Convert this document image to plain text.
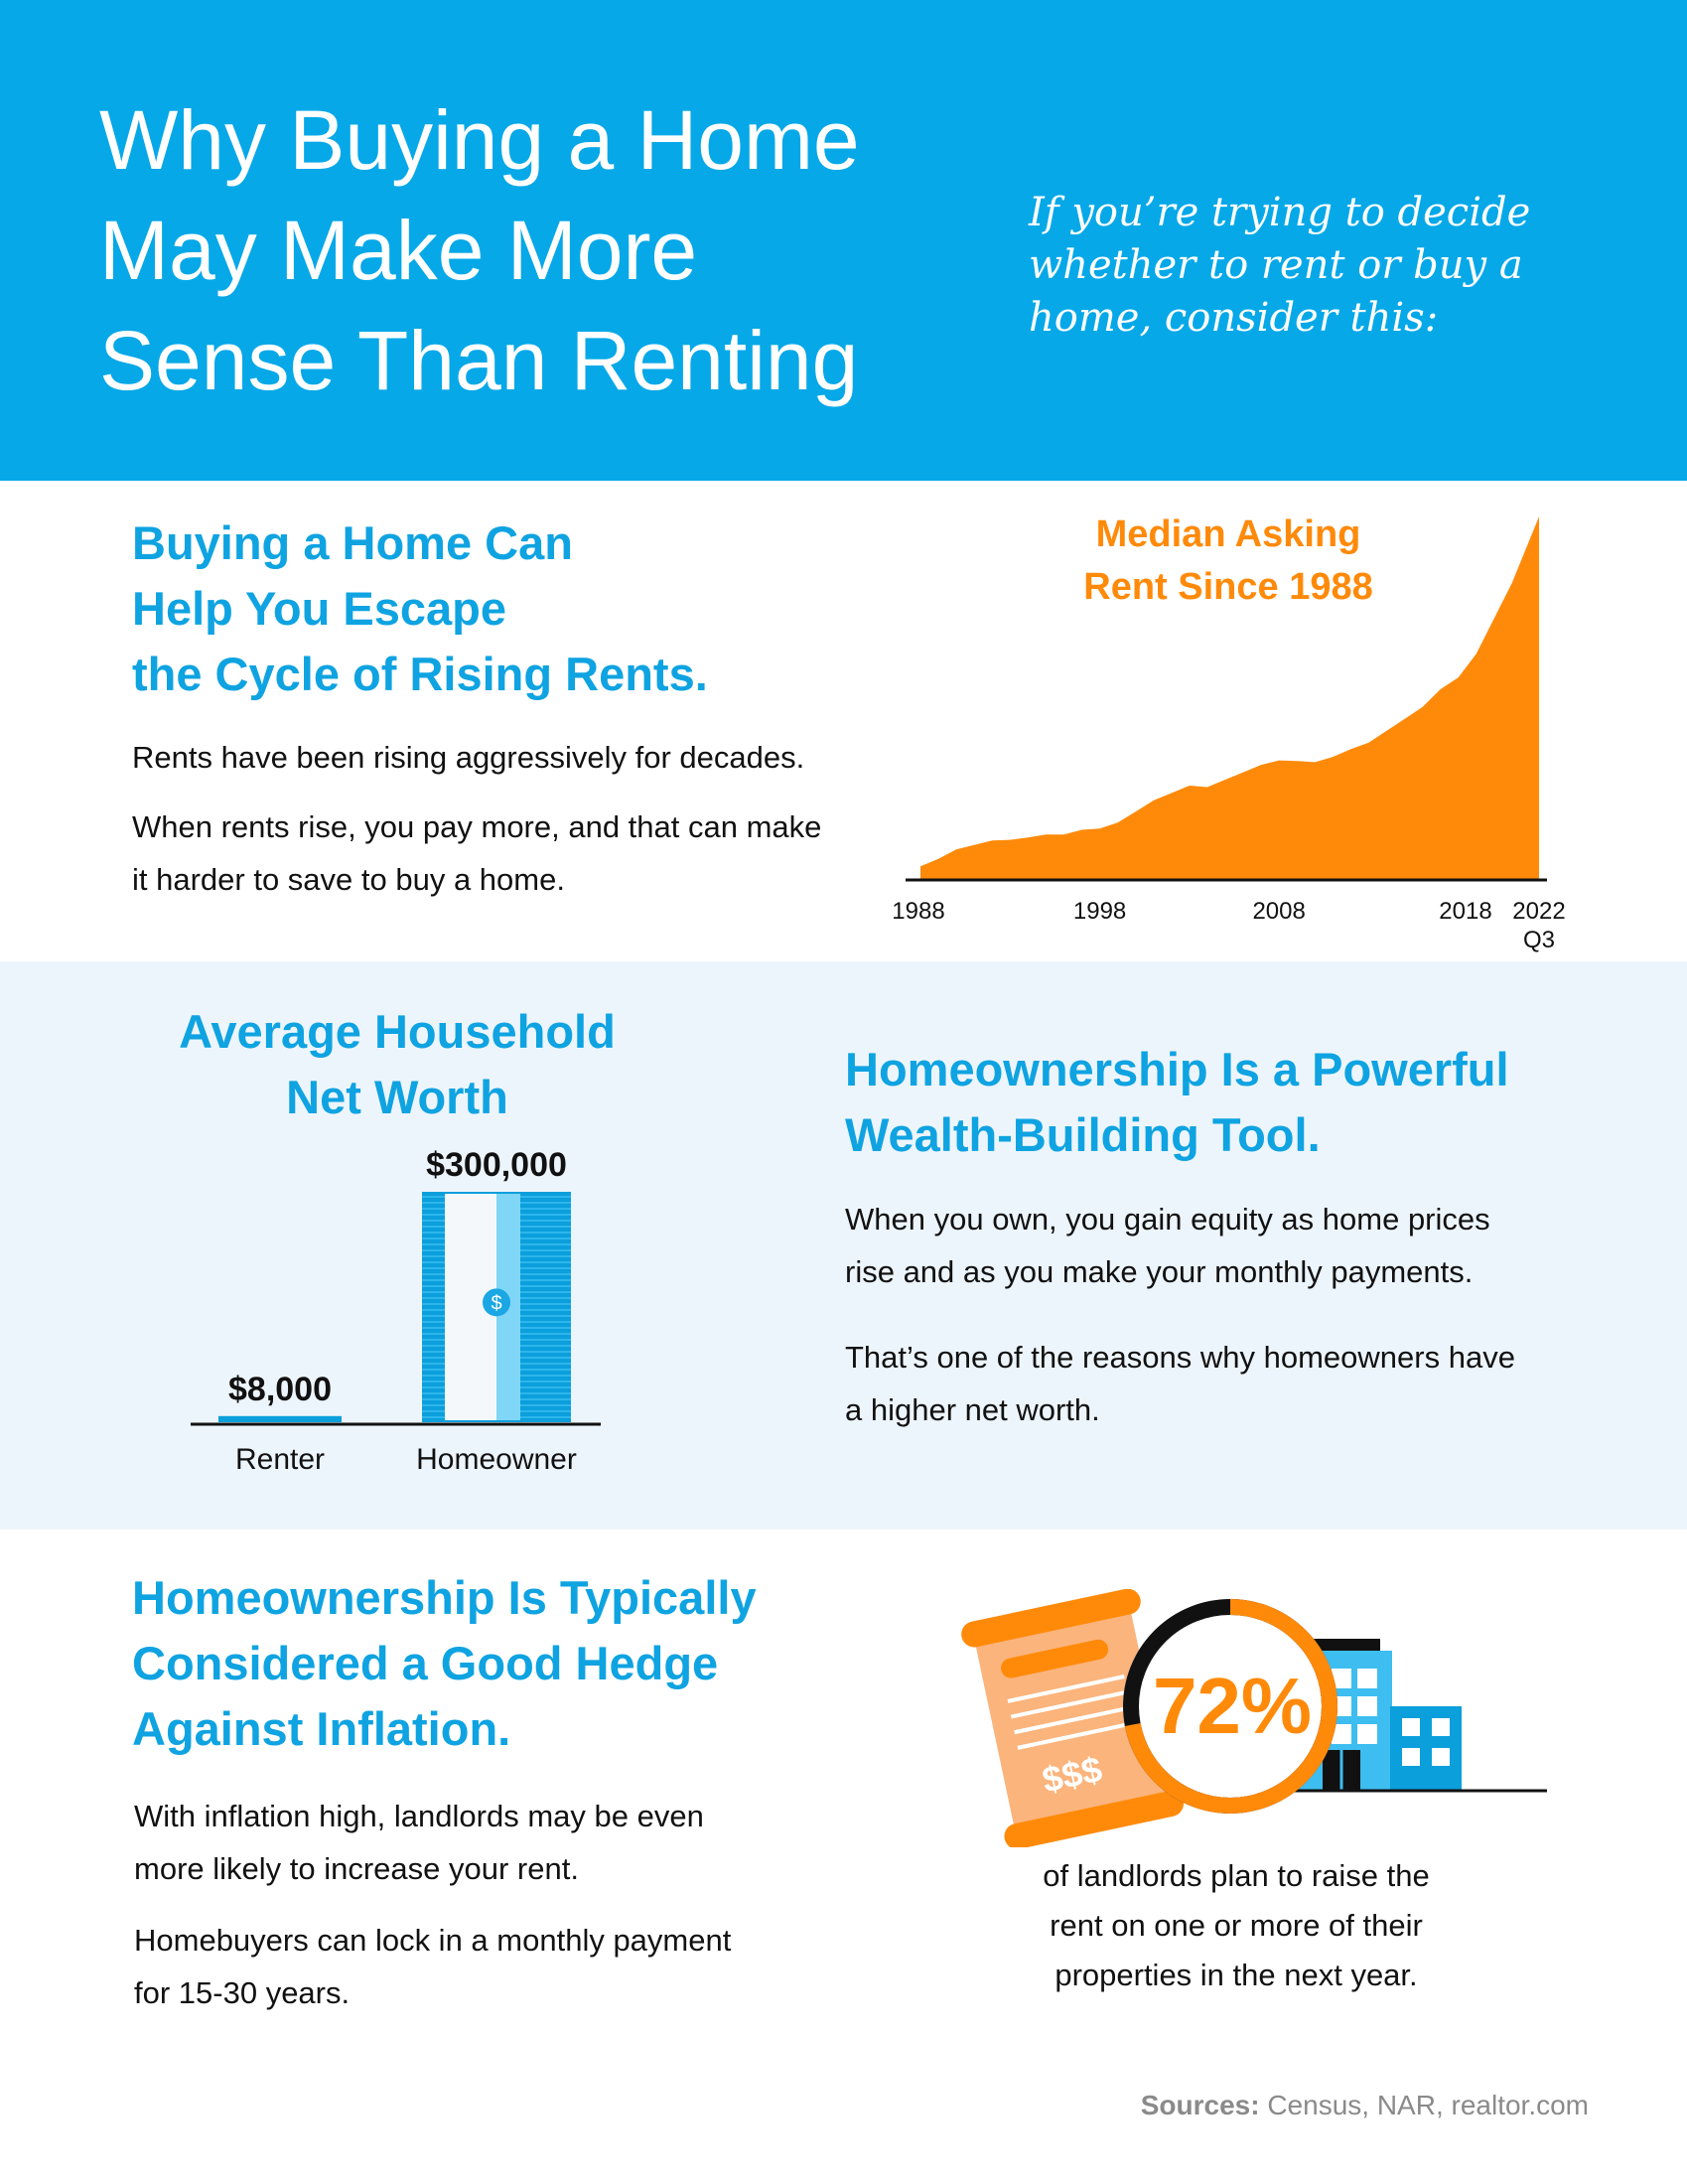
Why Buying a Home
May Make More
Sense Than Renting

If you’re trying to decide
whether to rent or buy a
home, consider this:

Buying a Home Can
Help You Escape
the Cycle of Rising Rents.

Rents have been rising aggressively for decades.

When rents rise, you pay more, and that can make
it harder to save to buy a home.

Median Asking
Rent Since 1988
1988	1998	2008	2018 2022
Q3
Average Household
Net Worth
$8,000
Renter
$
$300,000
Homeowner
Homeownership Is a Powerful
Wealth-Building Tool.

When you own, you gain equity as home prices
rise and as you make your monthly payments.

That’s one of the reasons why homeowners have
a higher net worth.

Homeownership Is Typically
Considered a Good Hedge
Against Inflation.

With inflation high, landlords may be even
more likely to increase your rent.

Homebuyers can lock in a monthly payment
for 15-30 years.

$$$
72%

of landlords plan to raise the
rent on one or more of their
properties in the next year.

Sources: Census, NAR, realtor.com
